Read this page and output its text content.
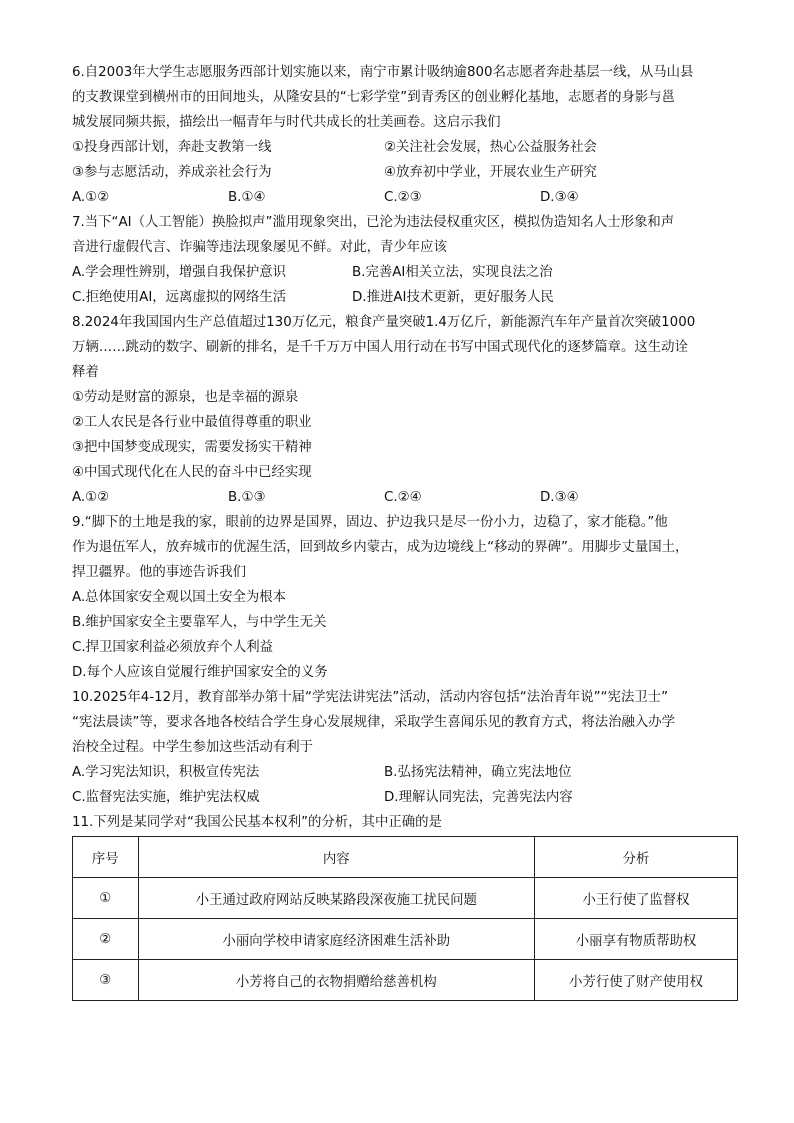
6.自2003年大学生志愿服务西部计划实施以来，南宁市累计吸纳逾800名志愿者奔赴基层一线，从马山县
的支教课堂到横州市的田间地头，从隆安县的“七彩学堂”到青秀区的创业孵化基地，志愿者的身影与邕
城发展同频共振，描绘出一幅青年与时代共成长的壮美画卷。这启示我们
①投身西部计划，奔赴支教第一线	②关注社会发展，热心公益服务社会
③参与志愿活动，养成亲社会行为	④放弃初中学业，开展农业生产研究
A.①②	B.①④	C.②③	D.③④
7.当下“AI（人工智能）换脸拟声”滥用现象突出，已沦为违法侵权重灾区，模拟伪造知名人士形象和声
音进行虚假代言、诈骗等违法现象屡见不鲜。对此，青少年应该
A.学会理性辨别，增强自我保护意识	B.完善AI相关立法，实现良法之治
C.拒绝使用AI，远离虚拟的网络生活	D.推进AI技术更新，更好服务人民
8.2024年我国国内生产总值超过130万亿元，粮食产量突破1.4万亿斤，新能源汽车年产量首次突破1000
万辆……跳动的数字、刷新的排名，是千千万万中国人用行动在书写中国式现代化的逐梦篇章。这生动诠
释着
①劳动是财富的源泉，也是幸福的源泉
②工人农民是各行业中最值得尊重的职业
③把中国梦变成现实，需要发扬实干精神
④中国式现代化在人民的奋斗中已经实现
A.①②	B.①③	C.②④	D.③④
9.“脚下的土地是我的家，眼前的边界是国界，固边、护边我只是尽一份小力，边稳了，家才能稳。”他
作为退伍军人，放弃城市的优渥生活，回到故乡内蒙古，成为边境线上“移动的界碑”。用脚步丈量国土，
捍卫疆界。他的事迹告诉我们
A.总体国家安全观以国土安全为根本
B.维护国家安全主要靠军人，与中学生无关
C.捍卫国家利益必须放弃个人利益
D.每个人应该自觉履行维护国家安全的义务
10.2025年4-12月，教育部举办第十届“学宪法讲宪法”活动，活动内容包括“法治青年说”“宪法卫士”
“宪法晨读”等，要求各地各校结合学生身心发展规律，采取学生喜闻乐见的教育方式，将法治融入办学
治校全过程。中学生参加这些活动有利于
A.学习宪法知识，积极宣传宪法	B.弘扬宪法精神，确立宪法地位
C.监督宪法实施，维护宪法权威	D.理解认同宪法，完善宪法内容
11.下列是某同学对“我国公民基本权利”的分析，其中正确的是
序号	内容	分析
①	小王通过政府网站反映某路段深夜施工扰民问题	小王行使了监督权
②	小丽向学校申请家庭经济困难生活补助	小丽享有物质帮助权
③	小芳将自己的衣物捐赠给慈善机构	小芳行使了财产使用权
